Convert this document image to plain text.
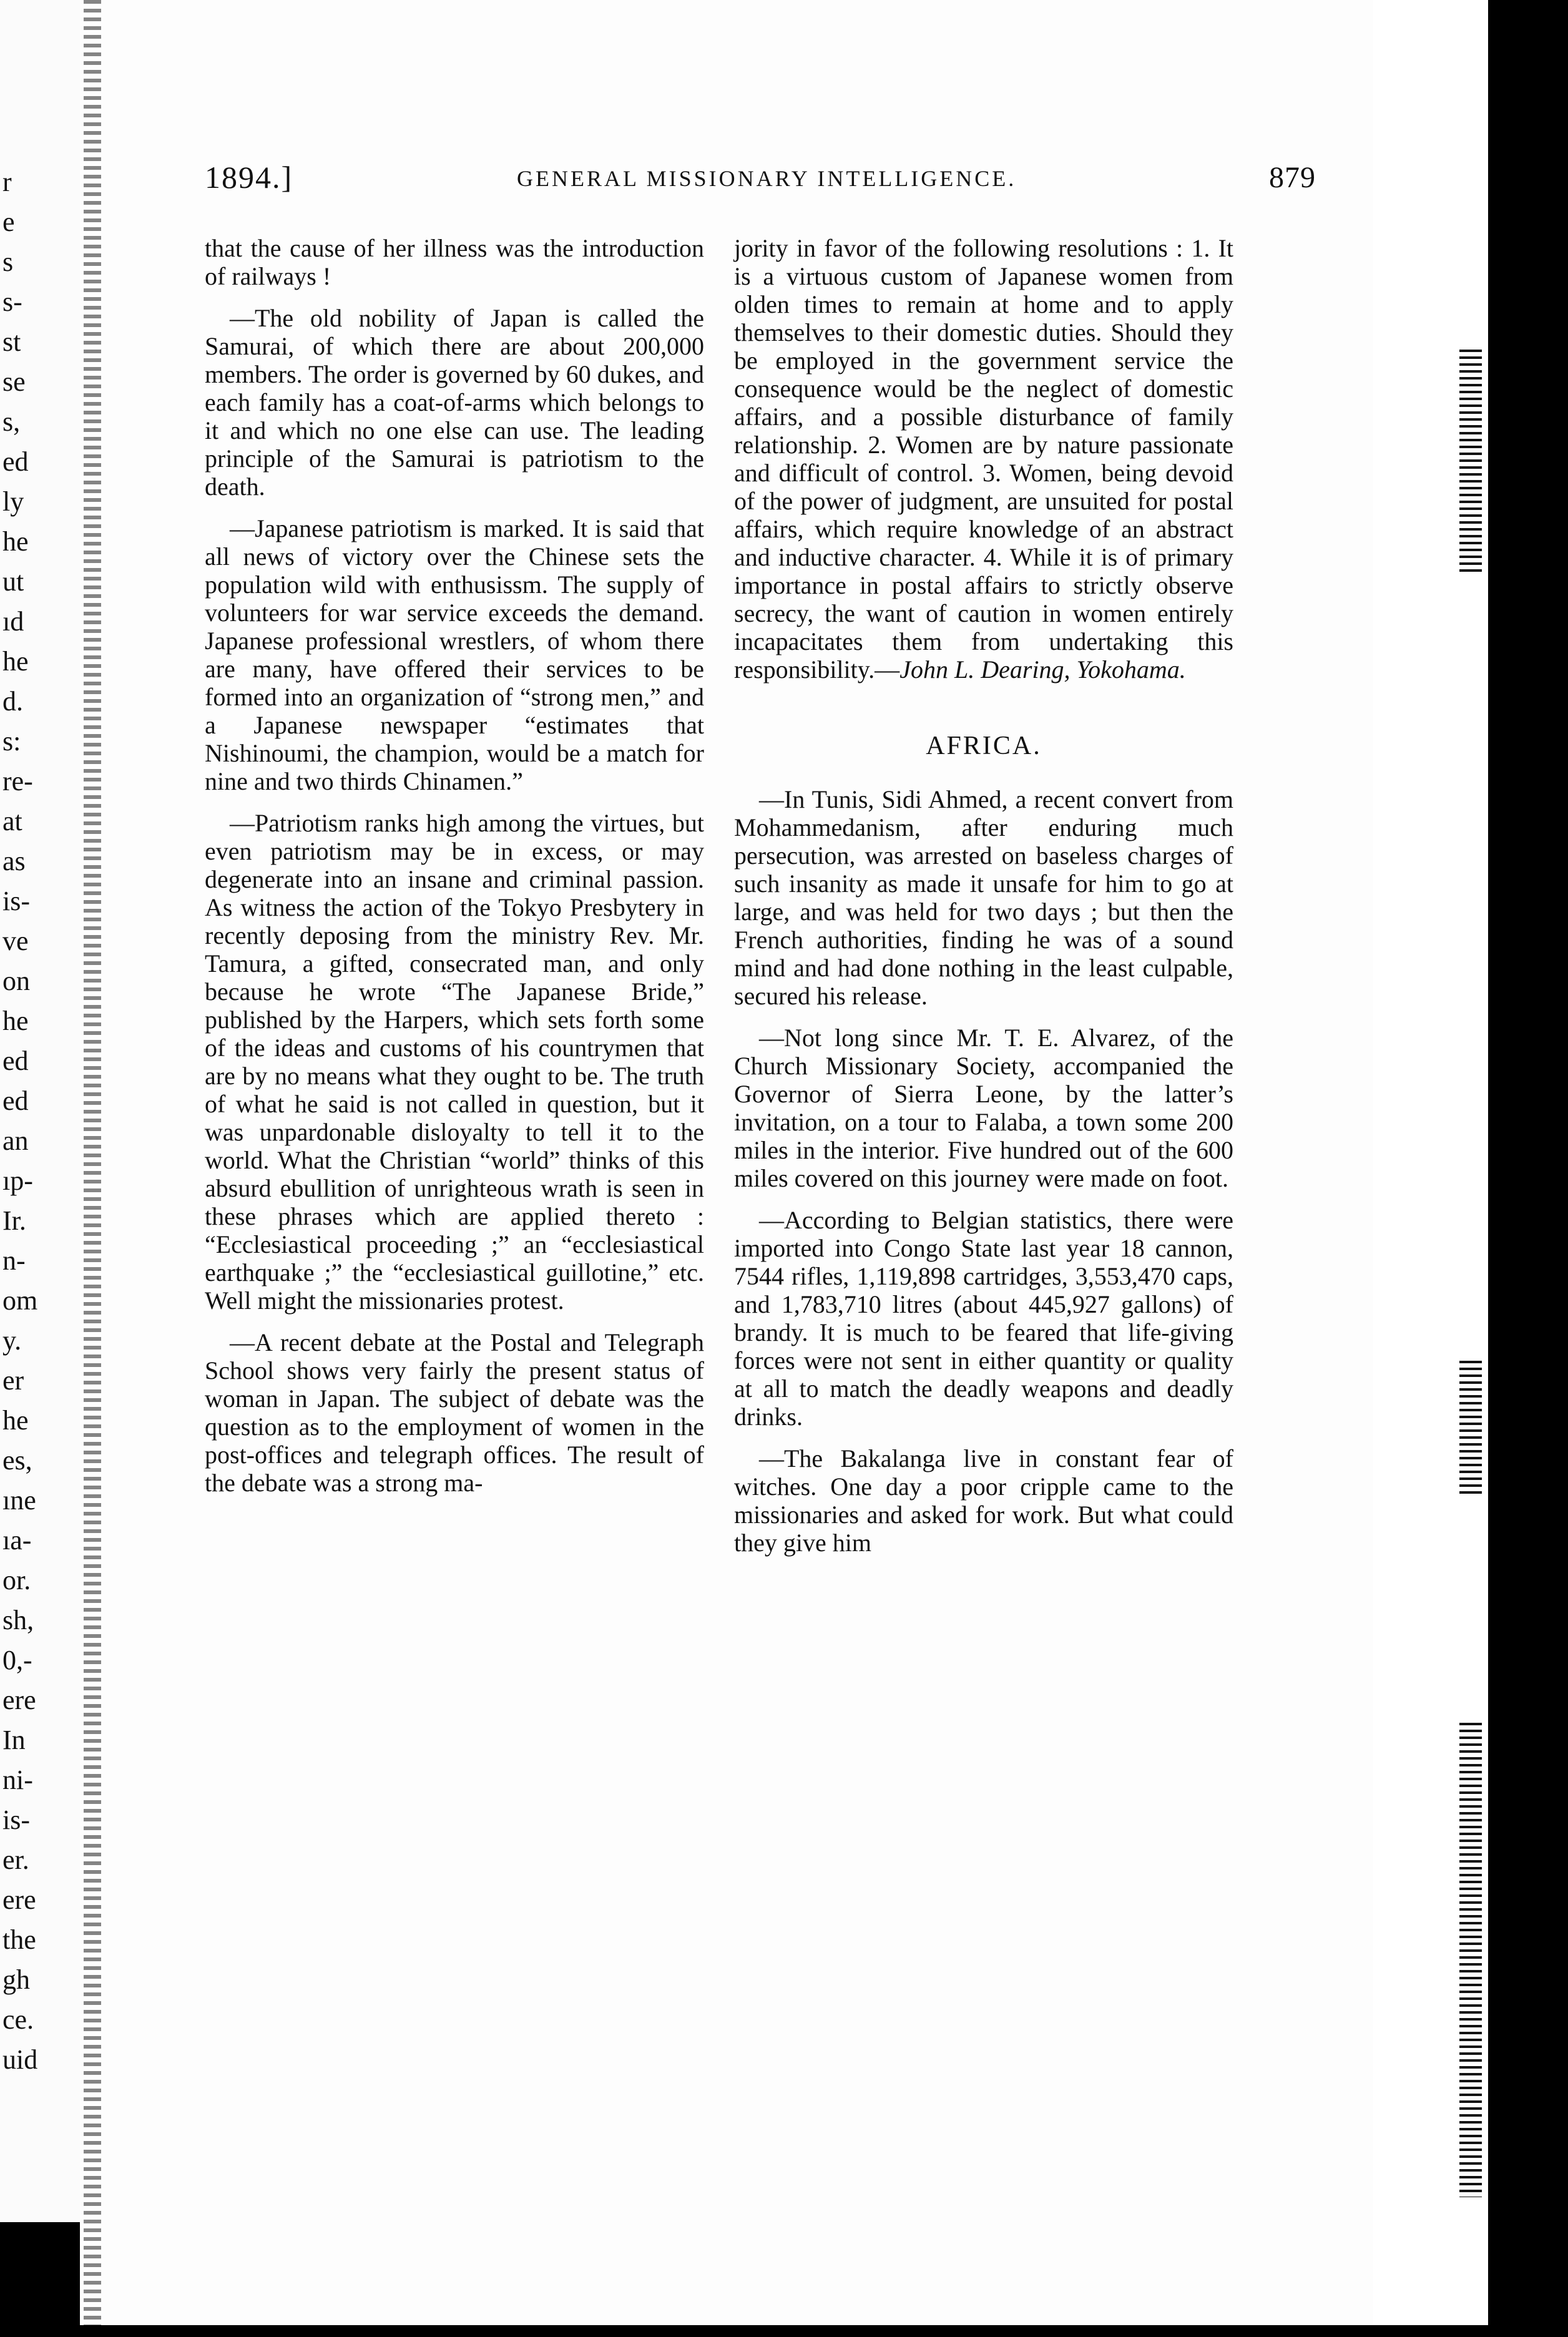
r
e
s
s-
st
se
s,
ed
ly
he
ut
ıd
he
d.
s:
re-
at
as
is-
ve
on
he
ed
ed
an
ıp-
Ir.
n-
om
y.
er
he
es,
ıne
ıa-
or.
sh,
0,-
ere
In
ni-
is-
er.
ere
the
gh
ce.
uid
1894.]	GENERAL MISSIONARY INTELLIGENCE.	879

that the cause of her illness was the introduction of railways !

—The old nobility of Japan is called the Samurai, of which there are about 200,000 members. The order is governed by 60 dukes, and each family has a coat-of-arms which belongs to it and which no one else can use. The leading principle of the Samurai is patriotism to the death.

—Japanese patriotism is marked. It is said that all news of victory over the Chinese sets the population wild with enthusissm. The supply of volunteers for war service exceeds the demand. Japanese professional wrestlers, of whom there are many, have offered their services to be formed into an organization of “strong men,” and a Japanese newspaper “estimates that Nishinoumi, the champion, would be a match for nine and two thirds Chinamen.”

—Patriotism ranks high among the virtues, but even patriotism may be in excess, or may degenerate into an insane and criminal passion. As witness the action of the Tokyo Presbytery in recently deposing from the ministry Rev. Mr. Tamura, a gifted, consecrated man, and only because he wrote “The Japanese Bride,” published by the Harpers, which sets forth some of the ideas and customs of his countrymen that are by no means what they ought to be. The truth of what he said is not called in question, but it was unpardonable disloyalty to tell it to the world. What the Christian “world” thinks of this absurd ebullition of unrighteous wrath is seen in these phrases which are applied thereto : “Ecclesiastical proceeding ;” an “ecclesiastical earthquake ;” the “ecclesiastical guillotine,” etc. Well might the missionaries protest.

—A recent debate at the Postal and Telegraph School shows very fairly the present status of woman in Japan. The subject of debate was the question as to the employment of women in the post-offices and telegraph offices. The result of the debate was a strong ma-

jority in favor of the following resolutions : 1. It is a virtuous custom of Japanese women from olden times to remain at home and to apply themselves to their domestic duties. Should they be employed in the government service the consequence would be the neglect of domestic affairs, and a possible disturbance of family relationship. 2. Women are by nature passionate and difficult of control. 3. Women, being devoid of the power of judgment, are unsuited for postal affairs, which require knowledge of an abstract and inductive character. 4. While it is of primary importance in postal affairs to strictly observe secrecy, the want of caution in women entirely incapacitates them from undertaking this responsibility.—John L. Dearing, Yokohama.

AFRICA.

—In Tunis, Sidi Ahmed, a recent convert from Mohammedanism, after enduring much persecution, was arrested on baseless charges of such insanity as made it unsafe for him to go at large, and was held for two days ; but then the French authorities, finding he was of a sound mind and had done nothing in the least culpable, secured his release.

—Not long since Mr. T. E. Alvarez, of the Church Missionary Society, accompanied the Governor of Sierra Leone, by the latter’s invitation, on a tour to Falaba, a town some 200 miles in the interior. Five hundred out of the 600 miles covered on this journey were made on foot.

—According to Belgian statistics, there were imported into Congo State last year 18 cannon, 7544 rifles, 1,119,898 cartridges, 3,553,470 caps, and 1,783,710 litres (about 445,927 gallons) of brandy. It is much to be feared that life-giving forces were not sent in either quantity or quality at all to match the deadly weapons and deadly drinks.

—The Bakalanga live in constant fear of witches. One day a poor cripple came to the missionaries and asked for work. But what could they give him
